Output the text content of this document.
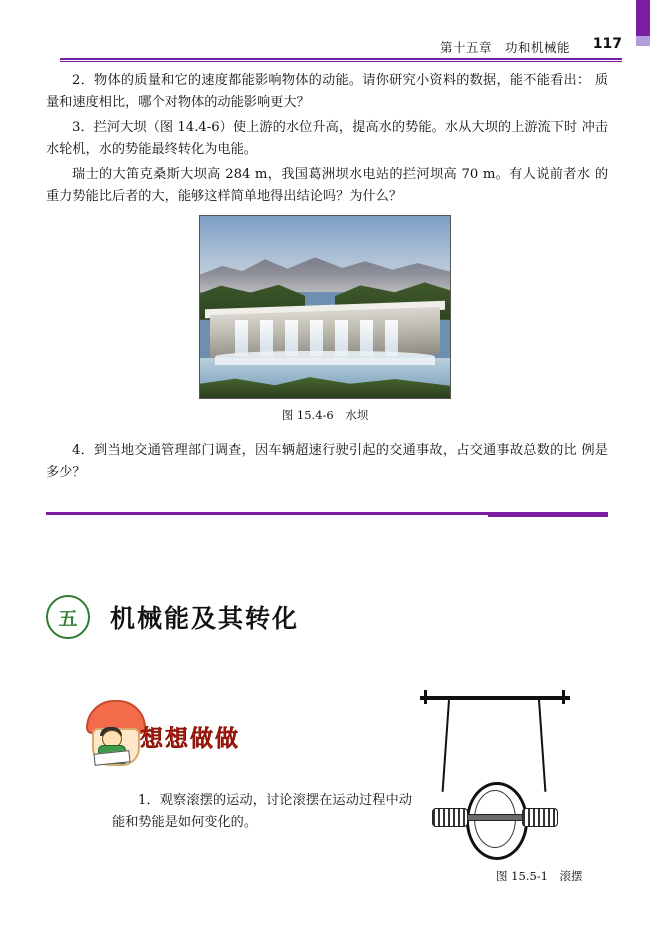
第十五章　功和机械能 117

2．物体的质量和它的速度都能影响物体的动能。请你研究小资料的数据，能不能看出： 质量和速度相比，哪个对物体的动能影响更大？

3．拦河大坝（图 14.4-6）使上游的水位升高，提高水的势能。水从大坝的上游流下时 冲击水轮机，水的势能最终转化为电能。

瑞士的大笛克桑斯大坝高 284 m，我国葛洲坝水电站的拦河坝高 70 m。有人说前者水 的重力势能比后者的大，能够这样简单地得出结论吗？为什么？

图 15.4-6　水坝

4．到当地交通管理部门调查，因车辆超速行驶引起的交通事故，占交通事故总数的比 例是多少？

五	机械能及其转化
想想做做
1．观察滚摆的运动，讨论滚摆在运动过程中动能和势能是如何变化的。
图 15.5-1　滚摆
